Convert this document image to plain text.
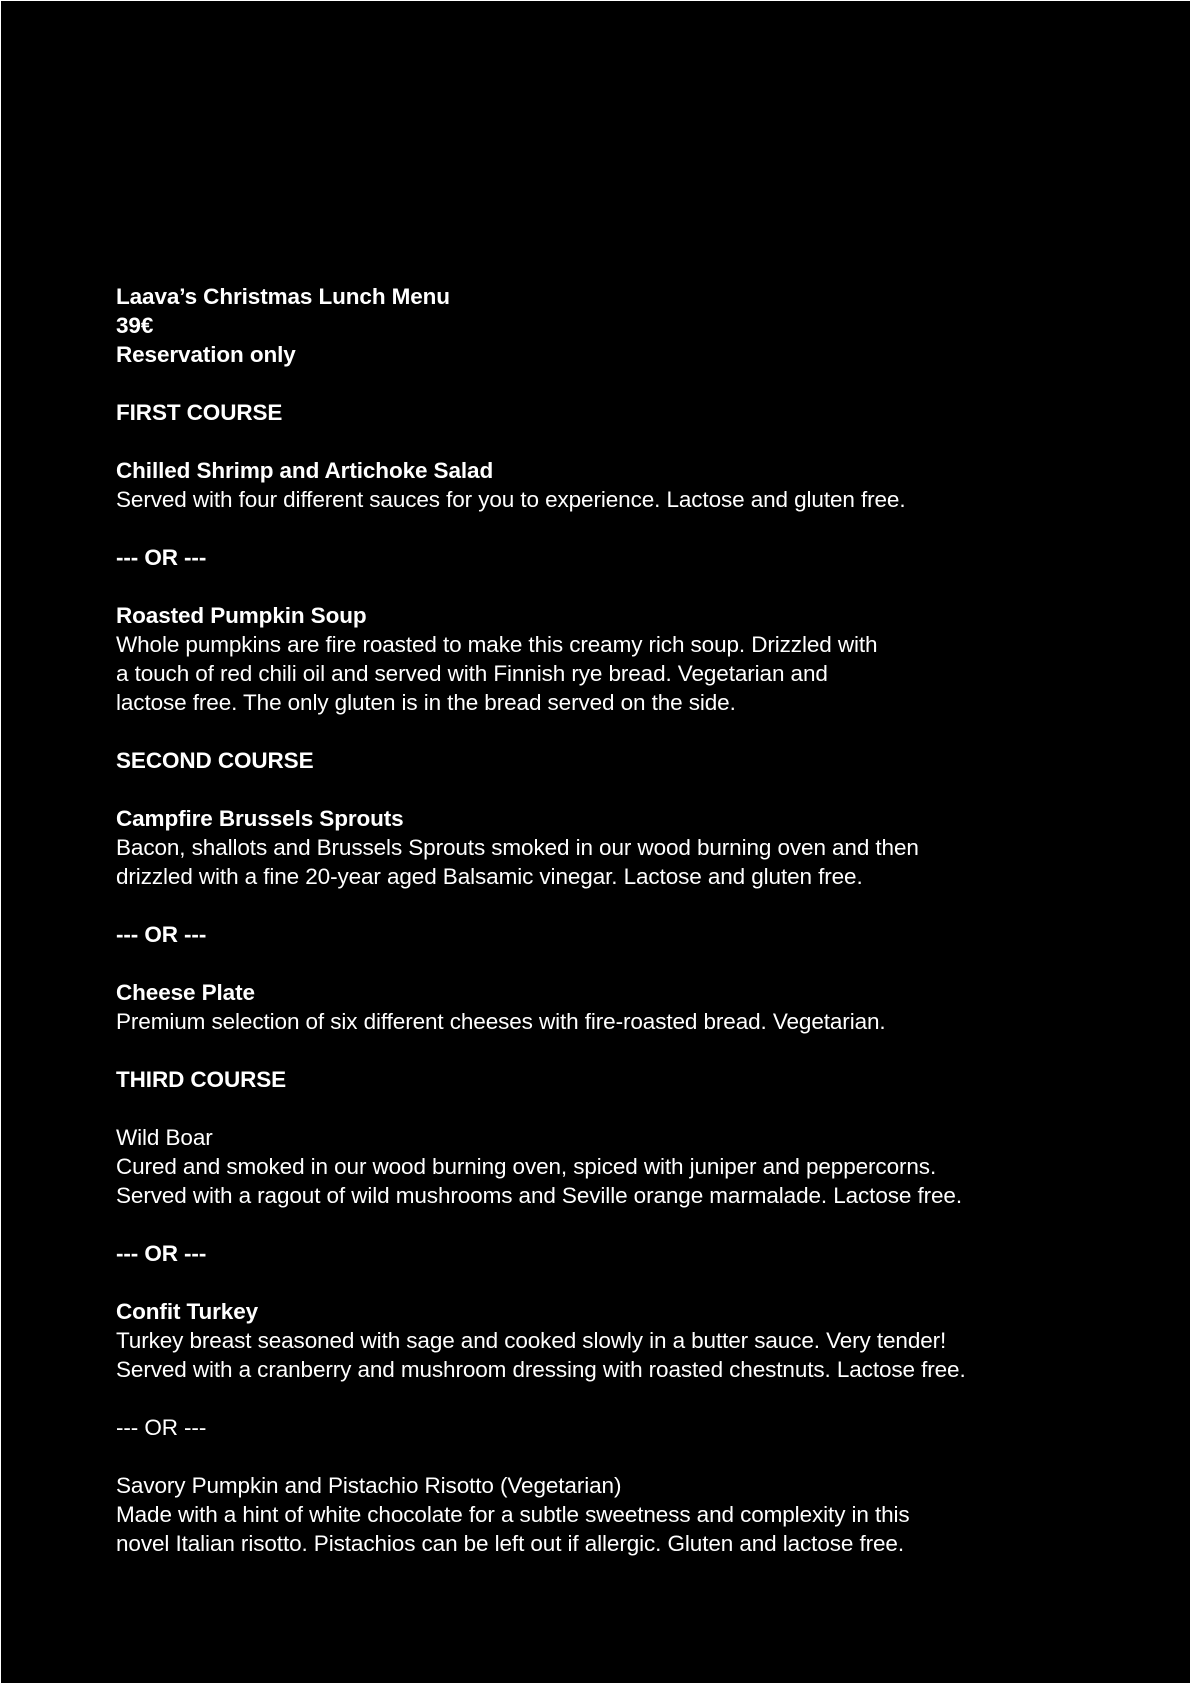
Laava’s Christmas Lunch Menu
39€
Reservation only
FIRST COURSE
Chilled Shrimp and Artichoke Salad
Served with four different sauces for you to experience. Lactose and gluten free.
--- OR ---
Roasted Pumpkin Soup
Whole pumpkins are fire roasted to make this creamy rich soup. Drizzled with
a touch of red chili oil and served with Finnish rye bread. Vegetarian and
lactose free. The only gluten is in the bread served on the side.
SECOND COURSE
Campfire Brussels Sprouts
Bacon, shallots and Brussels Sprouts smoked in our wood burning oven and then
drizzled with a fine 20-year aged Balsamic vinegar. Lactose and gluten free.
--- OR ---
Cheese Plate
Premium selection of six different cheeses with fire-roasted bread. Vegetarian.
THIRD COURSE
Wild Boar
Cured and smoked in our wood burning oven, spiced with juniper and peppercorns.
Served with a ragout of wild mushrooms and Seville orange marmalade. Lactose free.
--- OR ---
Confit Turkey
Turkey breast seasoned with sage and cooked slowly in a butter sauce. Very tender!
Served with a cranberry and mushroom dressing with roasted chestnuts. Lactose free.
--- OR ---
Savory Pumpkin and Pistachio Risotto (Vegetarian)
Made with a hint of white chocolate for a subtle sweetness and complexity in this
novel Italian risotto. Pistachios can be left out if allergic. Gluten and lactose free.
